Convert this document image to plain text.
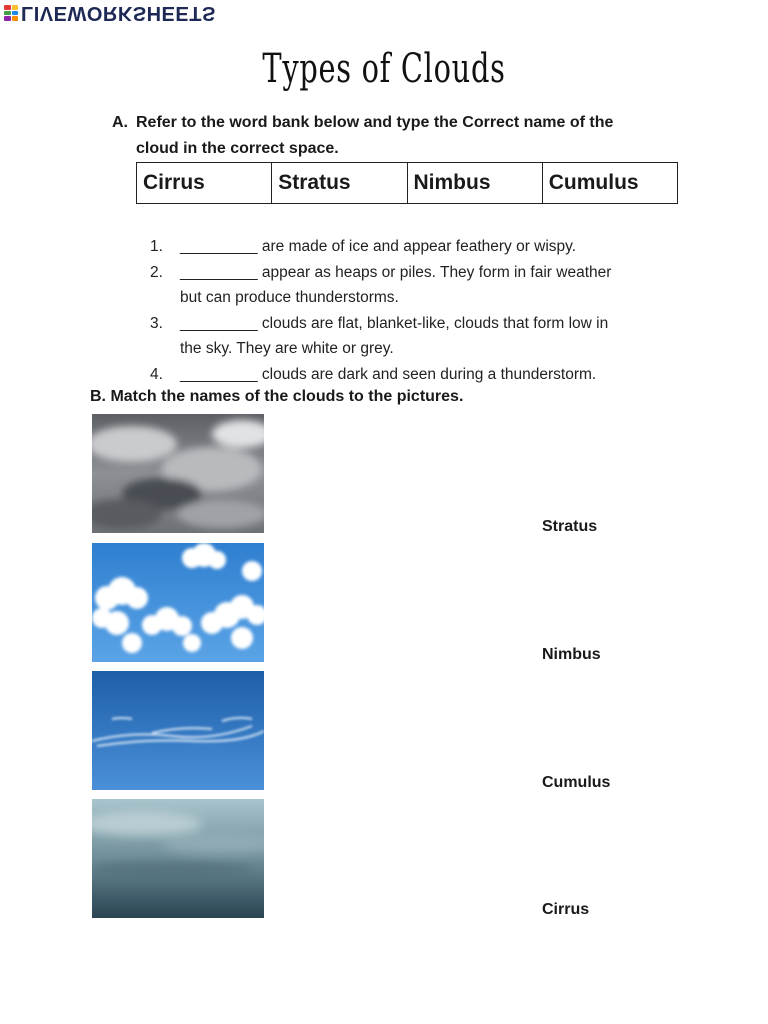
LIVEWORKSHEETS
Types of Clouds
A. Refer to the word bank below and type the Correct name of the
cloud in the correct space.
Cirrus	Stratus	Nimbus	Cumulus
1.	_________ are made of ice and appear feathery or wispy.
2.	_________ appear as heaps or piles. They form in fair weather
but can produce thunderstorms.
3.	_________ clouds are flat, blanket-like, clouds that form low in
the sky. They are white or grey.
4.	_________ clouds are dark and seen during a thunderstorm.
B. Match the names of the clouds to the pictures.
Stratus
Nimbus
Cumulus
Cirrus
